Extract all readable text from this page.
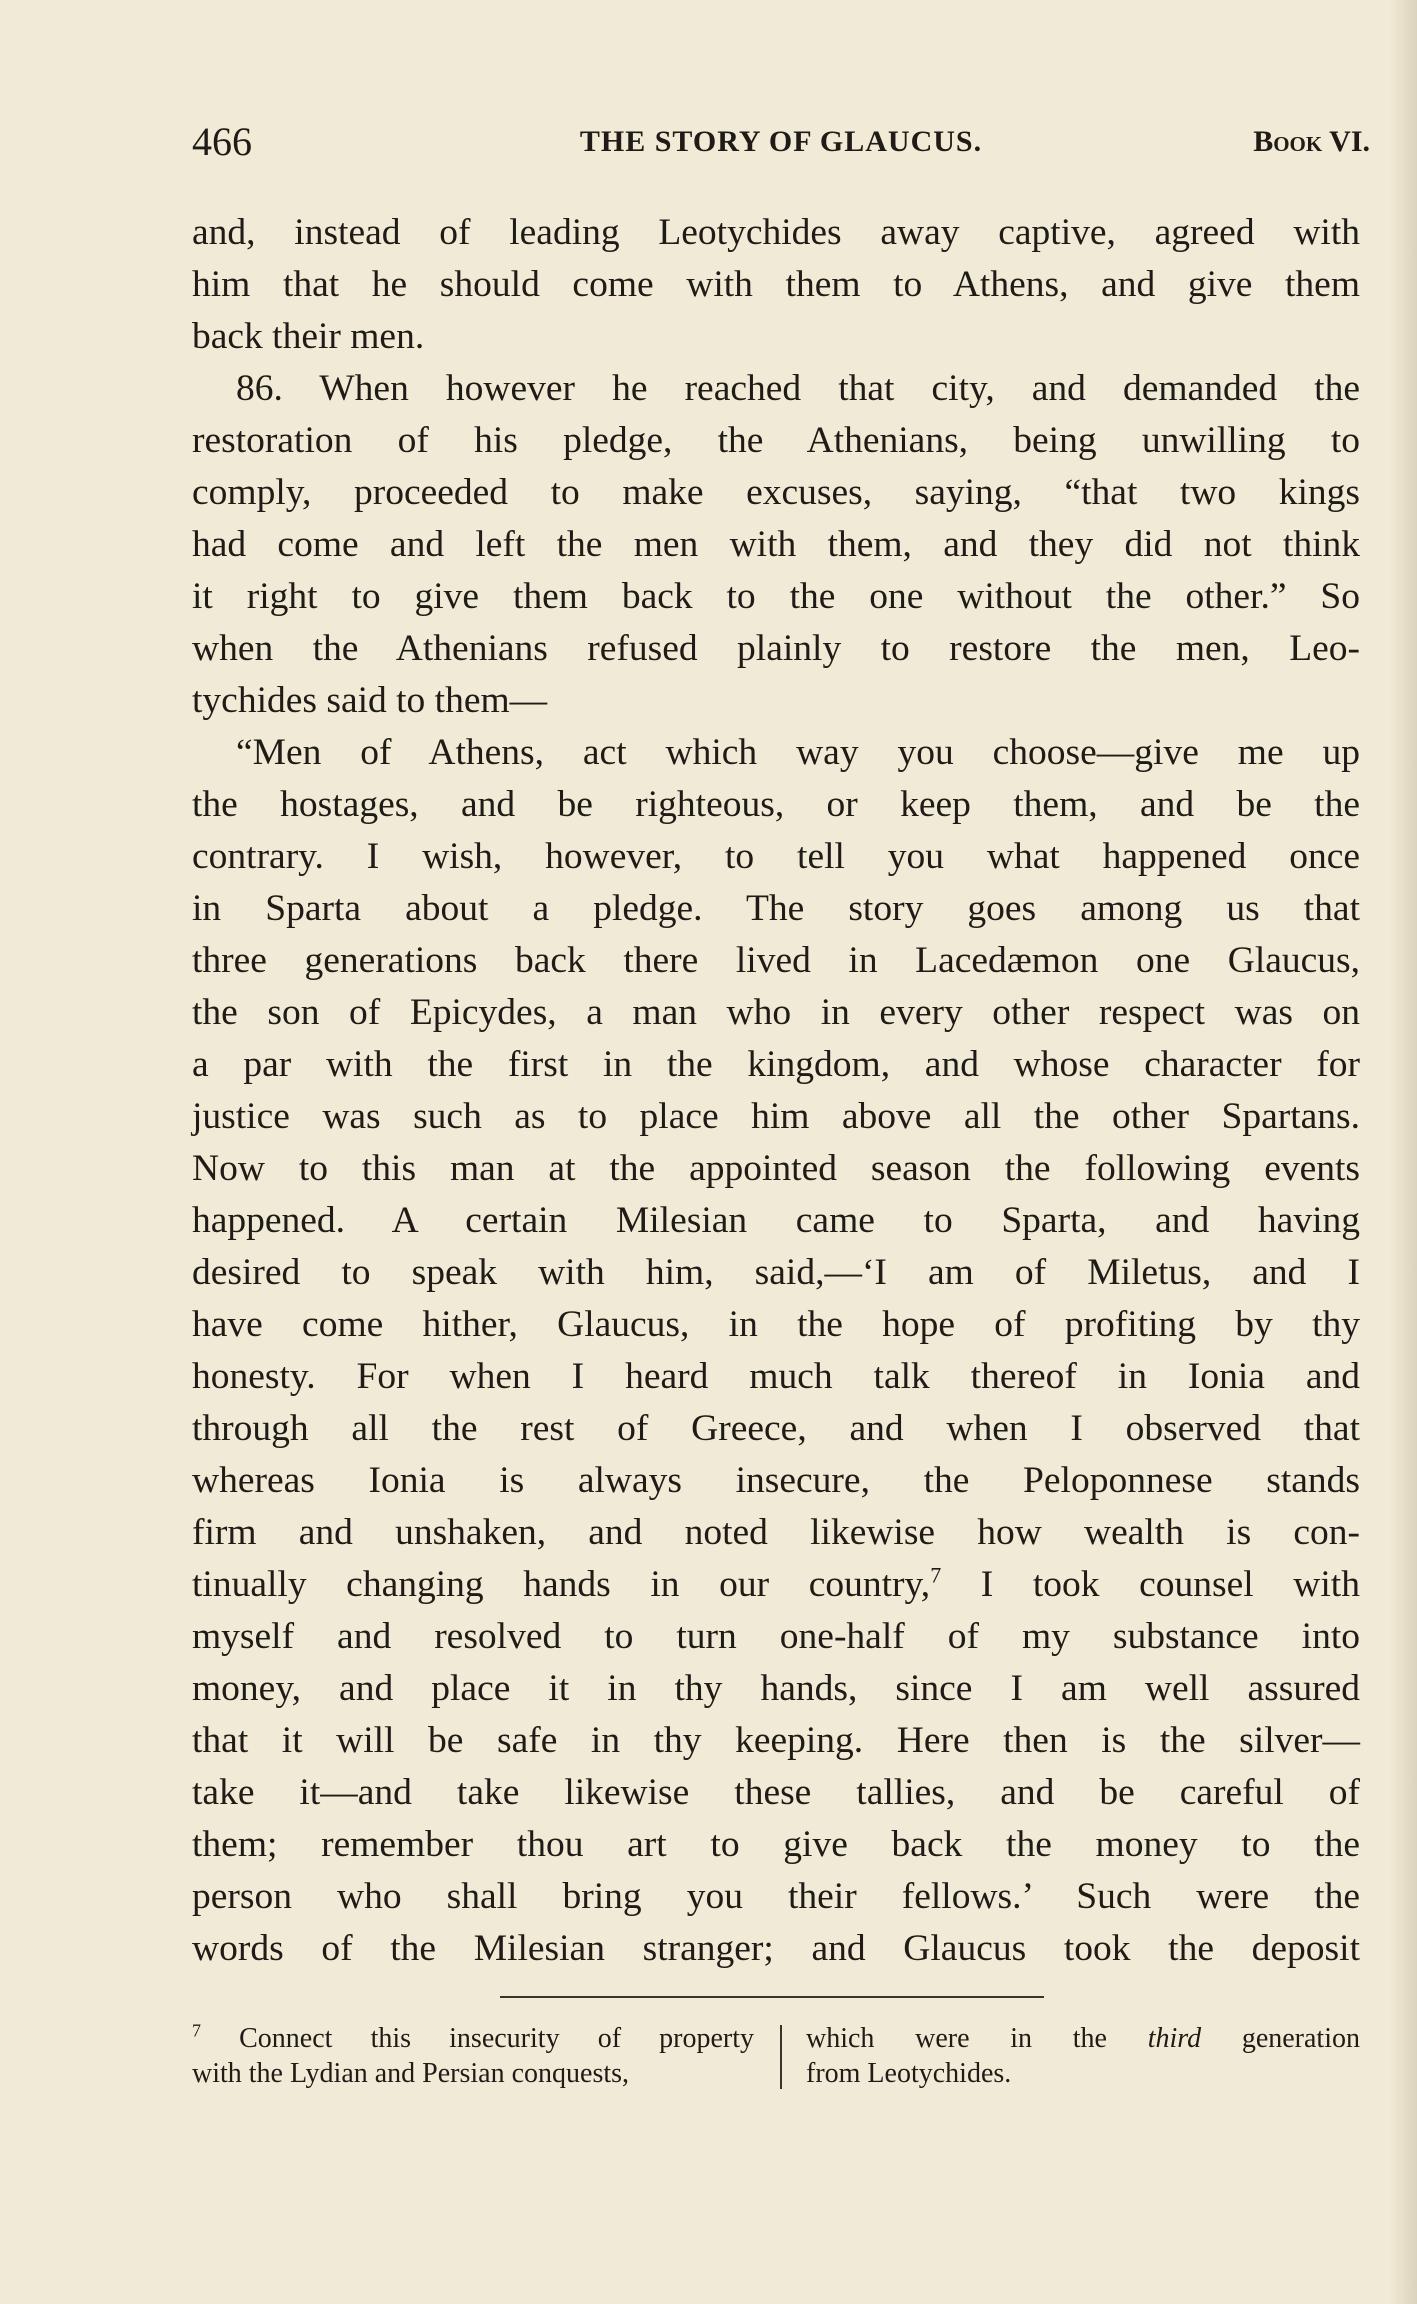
466	THE STORY OF GLAUCUS.	Book VI.

and, instead of leading Leotychides away captive, agreed with

him that he should come with them to Athens, and give them

back their men.

86. When however he reached that city, and demanded the

restoration of his pledge, the Athenians, being unwilling to

comply, proceeded to make excuses, saying, “that two kings

had come and left the men with them, and they did not think

it right to give them back to the one without the other.” So

when the Athenians refused plainly to restore the men, Leo-

tychides said to them—

“Men of Athens, act which way you choose—give me up

the hostages, and be righteous, or keep them, and be the

contrary. I wish, however, to tell you what happened once

in Sparta about a pledge. The story goes among us that

three generations back there lived in Lacedæmon one Glaucus,

the son of Epicydes, a man who in every other respect was on

a par with the first in the kingdom, and whose character for

justice was such as to place him above all the other Spartans.

Now to this man at the appointed season the following events

happened. A certain Milesian came to Sparta, and having

desired to speak with him, said,—‘I am of Miletus, and I

have come hither, Glaucus, in the hope of profiting by thy

honesty. For when I heard much talk thereof in Ionia and

through all the rest of Greece, and when I observed that

whereas Ionia is always insecure, the Peloponnese stands

firm and unshaken, and noted likewise how wealth is con-

tinually changing hands in our country,$^7$ I took counsel with

myself and resolved to turn one-half of my substance into

money, and place it in thy hands, since I am well assured

that it will be safe in thy keeping. Here then is the silver—

take it—and take likewise these tallies, and be careful of

them; remember thou art to give back the money to the

person who shall bring you their fellows.’ Such were the

words of the Milesian stranger; and Glaucus took the deposit

$^7$ Connect this insecurity of property

with the Lydian and Persian conquests,

which were in the third generation

from Leotychides.
